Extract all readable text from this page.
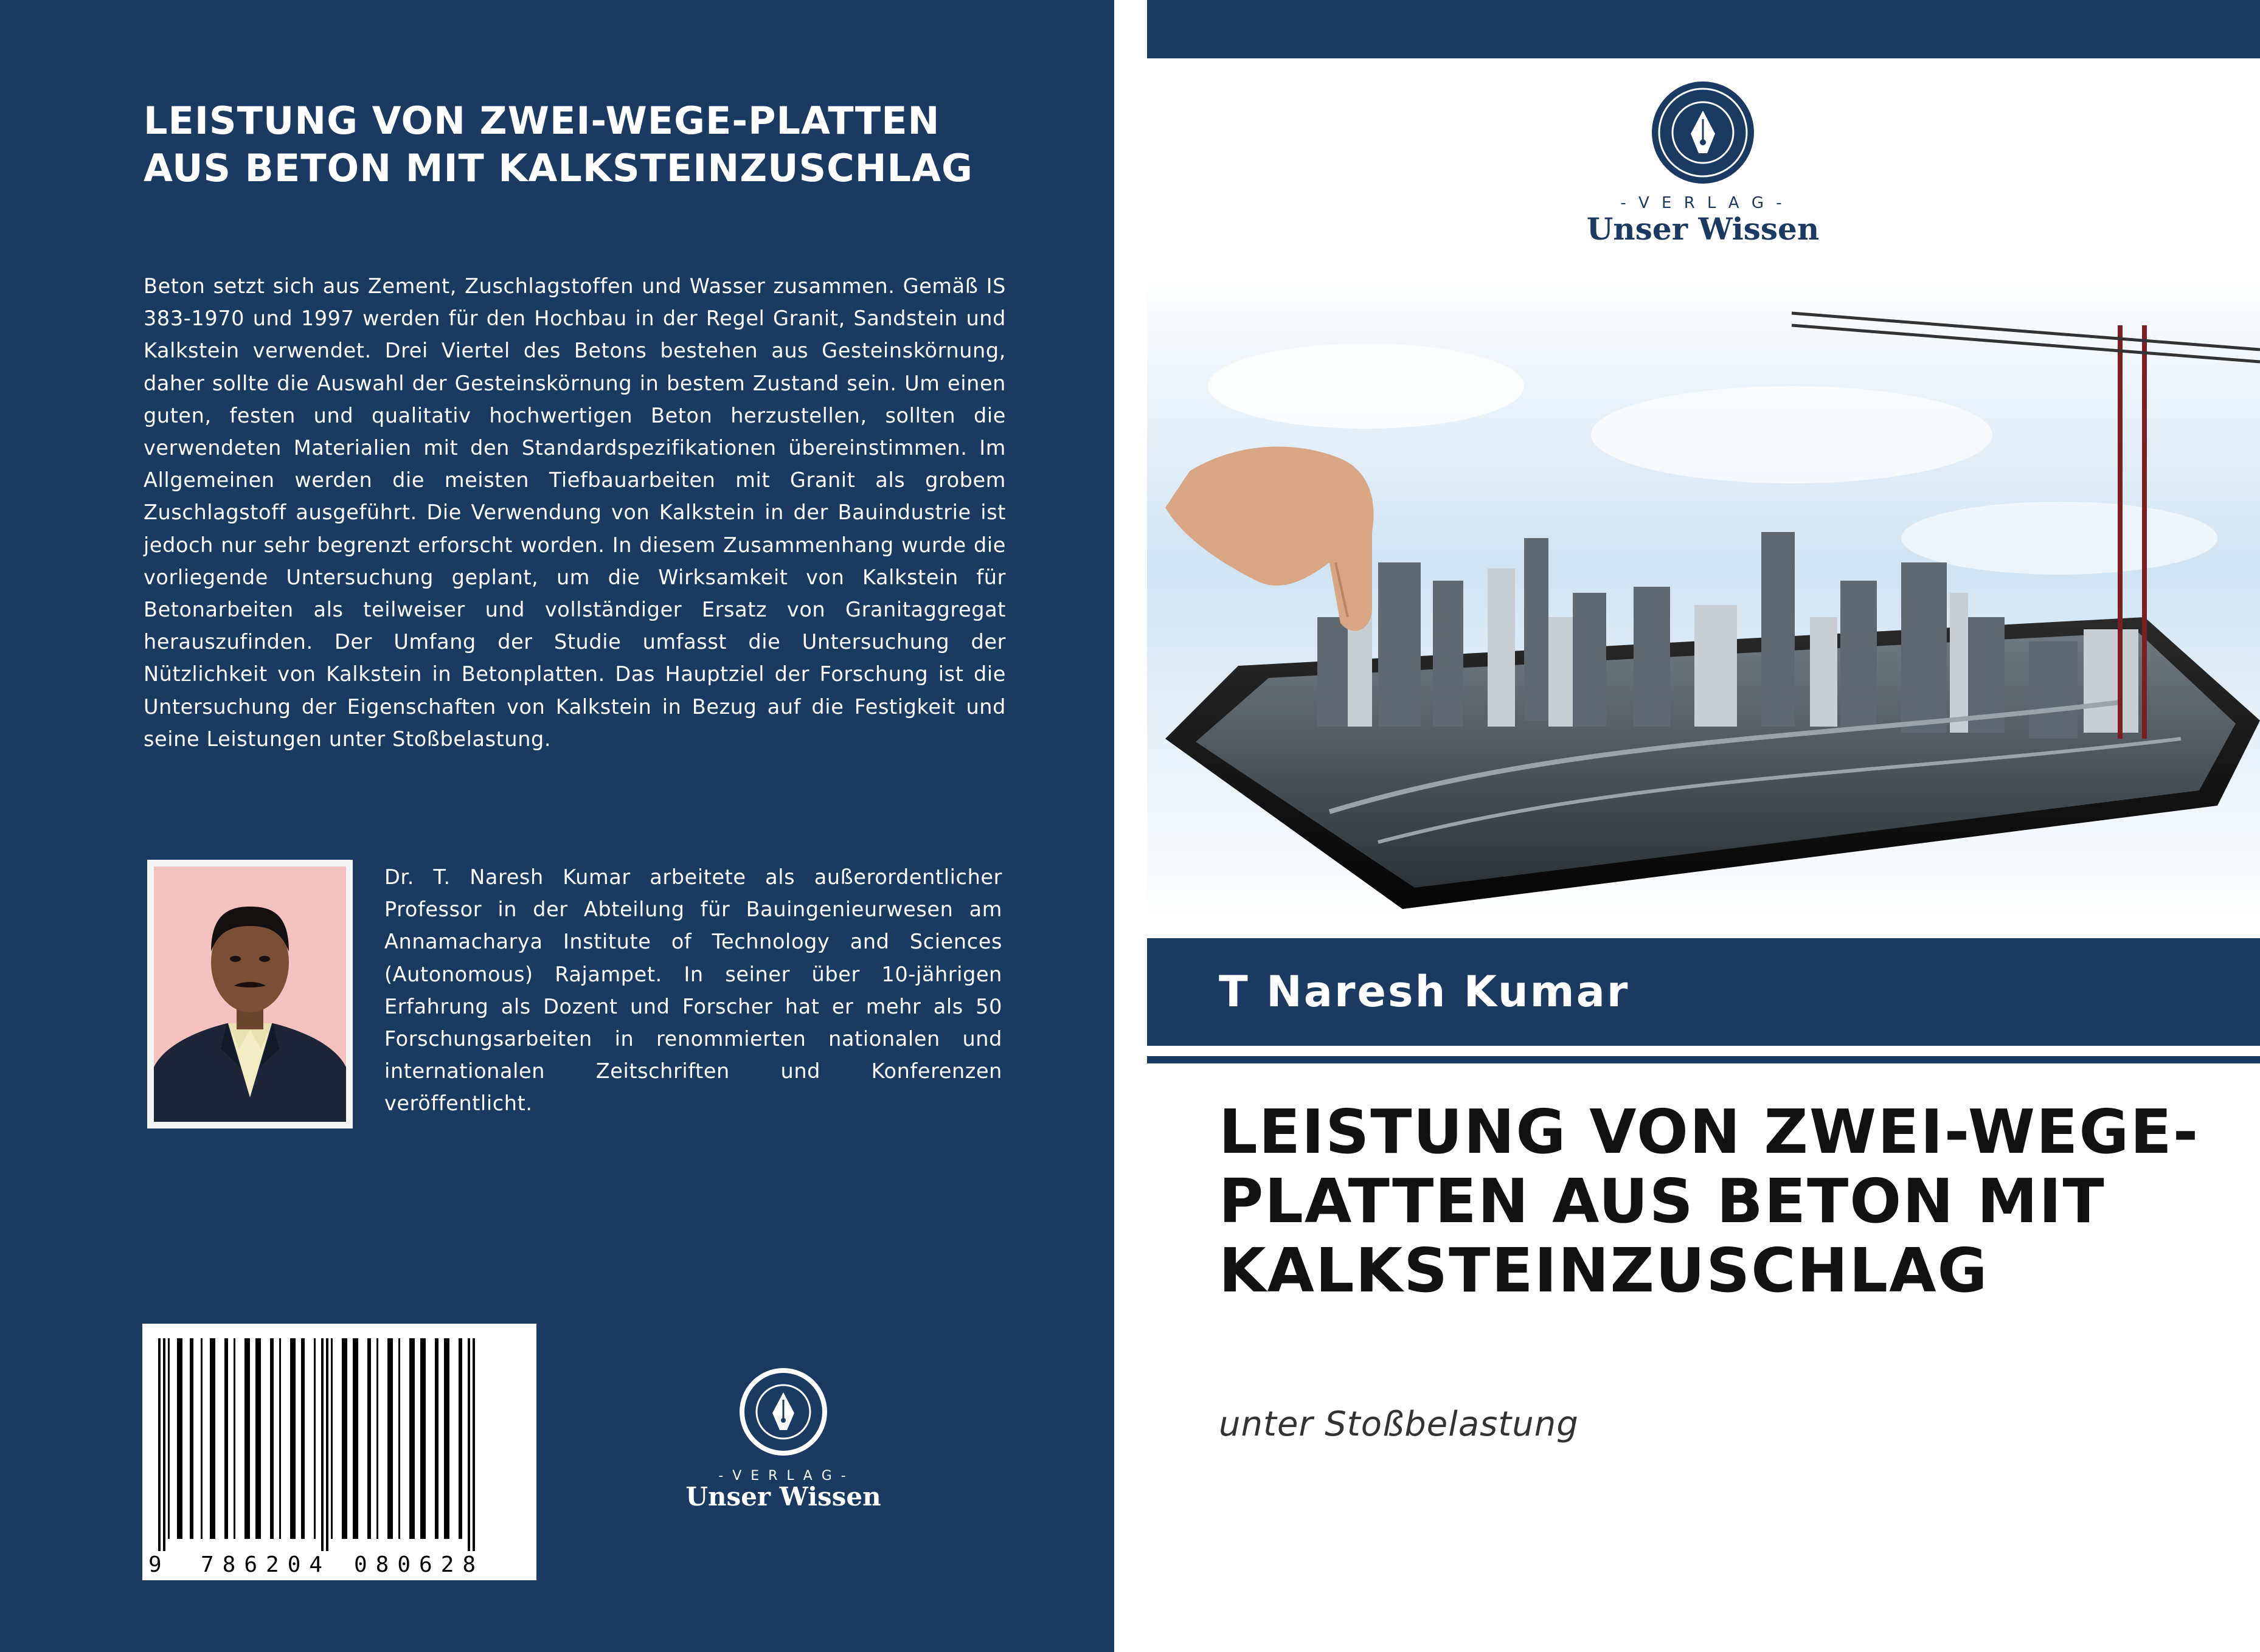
LEISTUNG VON ZWEI-WEGE-PLATTEN AUS BETON MIT KALKSTEINZUSCHLAG

Beton setzt sich aus Zement, Zuschlagstoffen und Wasser zusammen. Gemäß IS 383-1970 und 1997 werden für den Hochbau in der Regel Granit, Sandstein und Kalkstein verwendet. Drei Viertel des Betons bestehen aus Gesteinskörnung, daher sollte die Auswahl der Gesteinskörnung in bestem Zustand sein. Um einen guten, festen und qualitativ hochwertigen Beton herzustellen, sollten die verwendeten Materialien mit den Standardspezifikationen übereinstimmen. Im Allgemeinen werden die meisten Tiefbauarbeiten mit Granit als grobem Zuschlagstoff ausgeführt. Die Verwendung von Kalkstein in der Bauindustrie ist jedoch nur sehr begrenzt erforscht worden. In diesem Zusammenhang wurde die vorliegende Untersuchung geplant, um die Wirksamkeit von Kalkstein für Betonarbeiten als teilweiser und vollständiger Ersatz von Granitaggregat herauszufinden. Der Umfang der Studie umfasst die Untersuchung der Nützlichkeit von Kalkstein in Betonplatten. Das Hauptziel der Forschung ist die Untersuchung der Eigenschaften von Kalkstein in Bezug auf die Festigkeit und seine Leistungen unter Stoßbelastung.

Dr. T. Naresh Kumar arbeitete als außerordentlicher Professor in der Abteilung für Bauingenieurwesen am Annamacharya Institute of Technology and Sciences (Autonomous) Rajampet. In seiner über 10-jährigen Erfahrung als Dozent und Forscher hat er mehr als 50 Forschungsarbeiten in renommierten nationalen und internationalen Zeitschriften und Konferenzen veröffentlicht.

9 786204 080628
- V E R L A G -
Unser Wissen
- V E R L A G -
Unser Wissen
T Naresh Kumar
LEISTUNG VON ZWEI-WEGE-PLATTEN AUS BETON MIT KALKSTEINZUSCHLAG

unter Stoßbelastung
